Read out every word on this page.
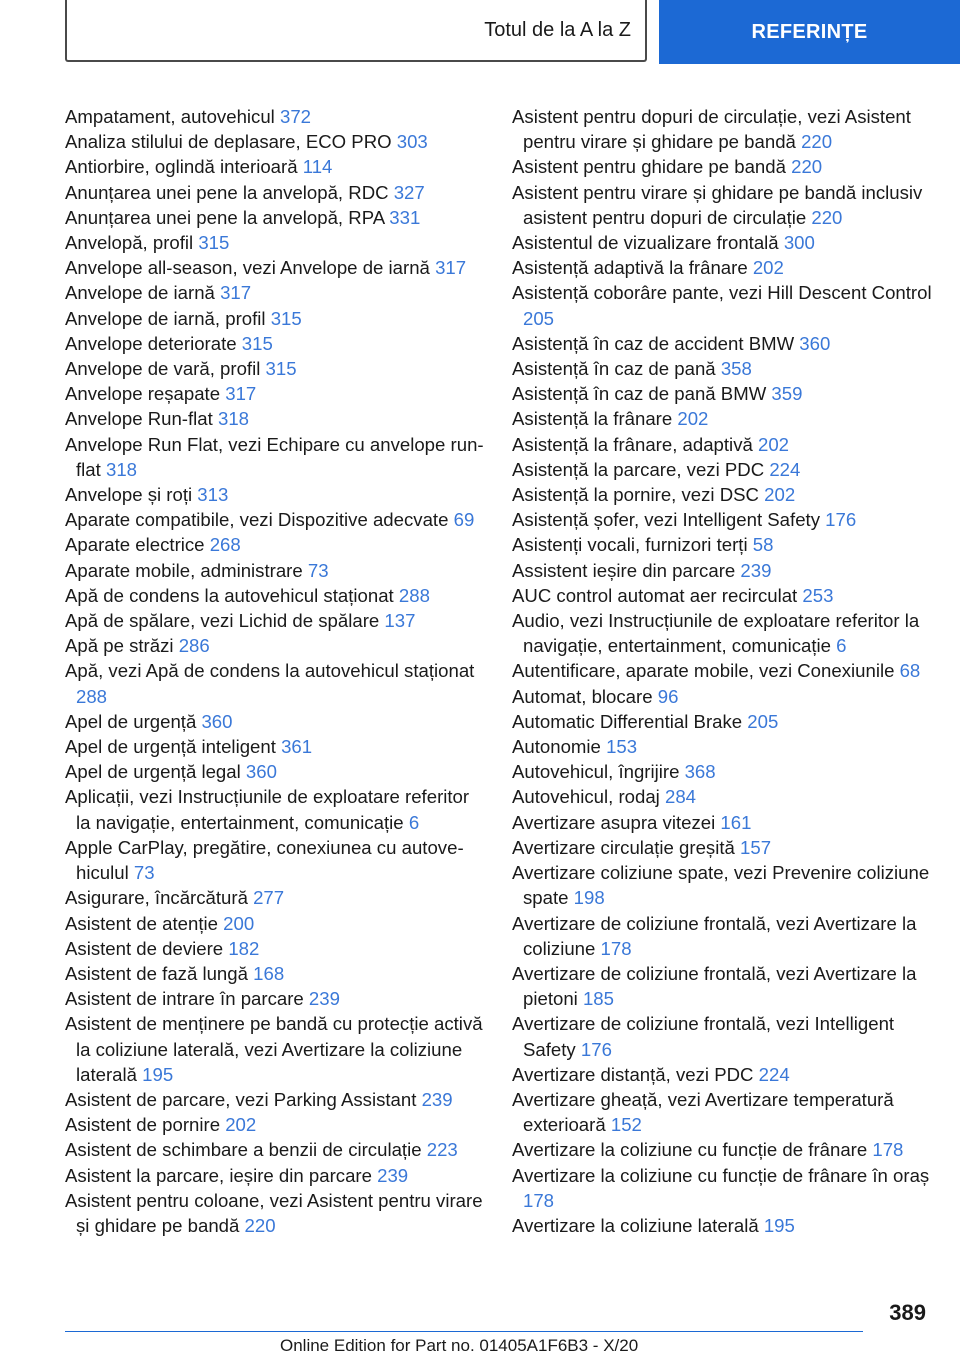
Totul de la A la Z	REFERINȚE
Ampatament, autovehicul 372
Analiza stilului de deplasare, ECO PRO 303
Antiorbire, oglindă interioară 114
Anunțarea unei pene la anvelopă, RDC 327
Anunțarea unei pene la anvelopă, RPA 331
Anvelopă, profil 315
Anvelope all-season, vezi Anvelope de iarnă 317
Anvelope de iarnă 317
Anvelope de iarnă, profil 315
Anvelope deteriorate 315
Anvelope de vară, profil 315
Anvelope reșapate 317
Anvelope Run-flat 318
Anvelope Run Flat, vezi Echipare cu anvelope run-flat 318
Anvelope și roți 313
Aparate compatibile, vezi Dispozitive adecvate 69
Aparate electrice 268
Aparate mobile, administrare 73
Apă de condens la autovehicul staționat 288
Apă de spălare, vezi Lichid de spălare 137
Apă pe străzi 286
Apă, vezi Apă de condens la autovehicul staționat 288
Apel de urgență 360
Apel de urgență inteligent 361
Apel de urgență legal 360
Aplicații, vezi Instrucțiunile de exploatare referitor la navigație, entertainment, comunicație 6
Apple CarPlay, pregătire, conexiunea cu autovehiculul 73
Asigurare, încărcătură 277
Asistent de atenție 200
Asistent de deviere 182
Asistent de fază lungă 168
Asistent de intrare în parcare 239
Asistent de menținere pe bandă cu protecție activă la coliziune laterală, vezi Avertizare la coliziune laterală 195
Asistent de parcare, vezi Parking Assistant 239
Asistent de pornire 202
Asistent de schimbare a benzii de circulație 223
Asistent la parcare, ieșire din parcare 239
Asistent pentru coloane, vezi Asistent pentru virare și ghidare pe bandă 220
Asistent pentru dopuri de circulație, vezi Asistent pentru virare și ghidare pe bandă 220
Asistent pentru ghidare pe bandă 220
Asistent pentru virare și ghidare pe bandă inclusiv asistent pentru dopuri de circulație 220
Asistentul de vizualizare frontală 300
Asistență adaptivă la frânare 202
Asistență coborâre pante, vezi Hill Descent Control 205
Asistență în caz de accident BMW 360
Asistență în caz de pană 358
Asistență în caz de pană BMW 359
Asistență la frânare 202
Asistență la frânare, adaptivă 202
Asistență la parcare, vezi PDC 224
Asistență la pornire, vezi DSC 202
Asistență șofer, vezi Intelligent Safety 176
Asistenți vocali, furnizori terți 58
Assistent ieșire din parcare 239
AUC control automat aer recirculat 253
Audio, vezi Instrucțiunile de exploatare referitor la navigație, entertainment, comunicație 6
Autentificare, aparate mobile, vezi Conexiunile 68
Automat, blocare 96
Automatic Differential Brake 205
Autonomie 153
Autovehicul, îngrijire 368
Autovehicul, rodaj 284
Avertizare asupra vitezei 161
Avertizare circulație greșită 157
Avertizare coliziune spate, vezi Prevenire coliziune spate 198
Avertizare de coliziune frontală, vezi Avertizare la coliziune 178
Avertizare de coliziune frontală, vezi Avertizare la pietoni 185
Avertizare de coliziune frontală, vezi Intelligent Safety 176
Avertizare distanță, vezi PDC 224
Avertizare gheață, vezi Avertizare temperatură exterioară 152
Avertizare la coliziune cu funcție de frânare 178
Avertizare la coliziune cu funcție de frânare în oraș 178
Avertizare la coliziune laterală 195
389
Online Edition for Part no. 01405A1F6B3 - X/20
